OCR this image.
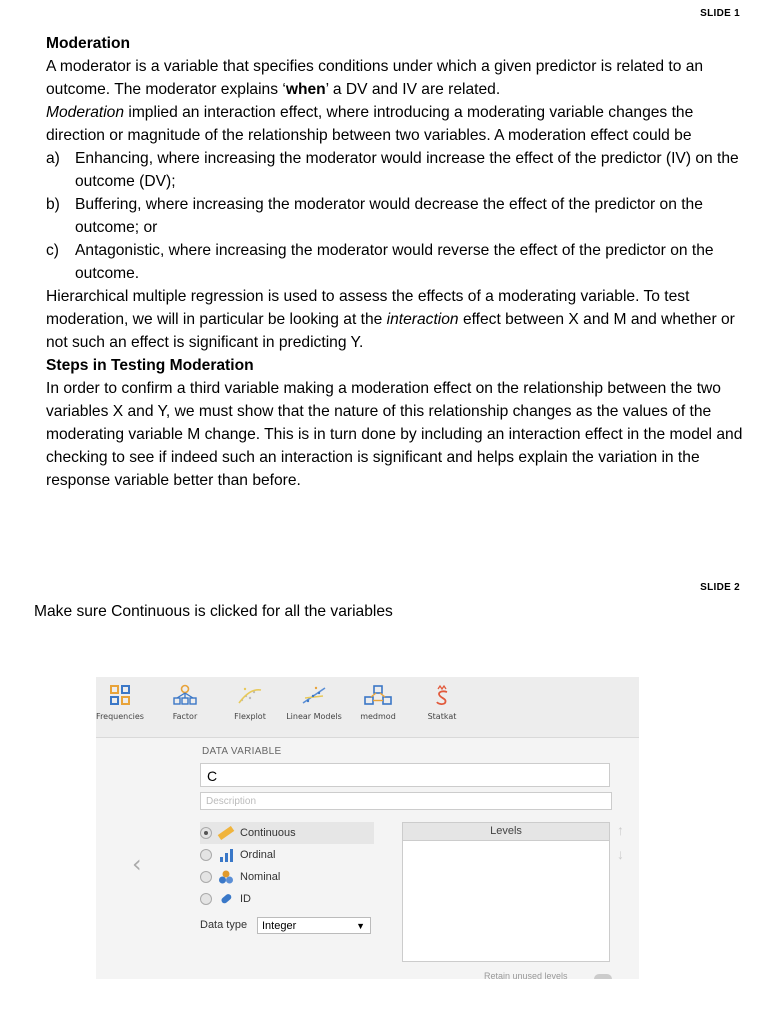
SLIDE 1
Moderation

A moderator is a variable that specifies conditions under which a given predictor is related to an outcome. The moderator explains ‘when’ a DV and IV are related.

Moderation implied an interaction effect, where introducing a moderating variable changes the direction or magnitude of the relationship between two variables. A moderation effect could be

a) Enhancing, where increasing the moderator would increase the effect of the predictor (IV) on the outcome (DV);
b) Buffering, where increasing the moderator would decrease the effect of the predictor on the outcome; or
c) Antagonistic, where increasing the moderator would reverse the effect of the predictor on the outcome.

Hierarchical multiple regression is used to assess the effects of a moderating variable. To test moderation, we will in particular be looking at the interaction effect between X and M and whether or not such an effect is significant in predicting Y.

Steps in Testing Moderation

In order to confirm a third variable making a moderation effect on the relationship between the two variables X and Y, we must show that the nature of this relationship changes as the values of the moderating variable M change. This is in turn done by including an interaction effect in the model and checking to see if indeed such an interaction is significant and helps explain the variation in the response variable better than before.

SLIDE 2
Make sure Continuous is clicked for all the variables
Frequencies	Factor	Flexplot	Linear Models	medmod	Statkat
‹
DATA VARIABLE
C
Description
Continuous
Ordinal
Nominal
ID
Data type	Integer	▼
Levels	↑
↓
Retain unused levels
